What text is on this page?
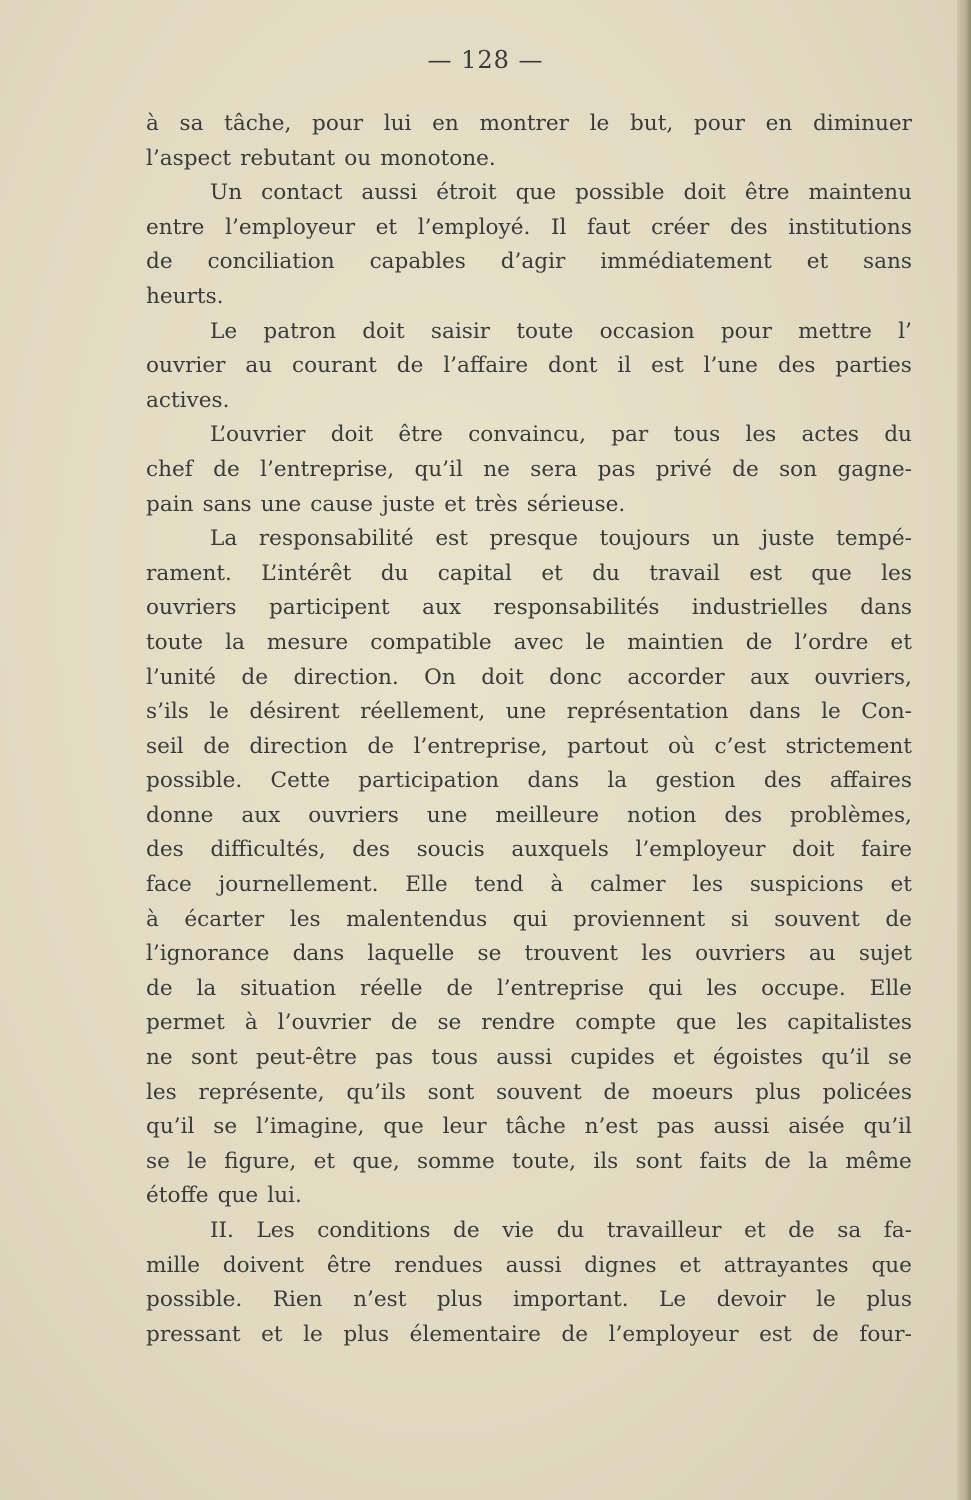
— 128 —
à sa tâche, pour lui en montrer le but, pour en diminuer
l’aspect rebutant ou monotone.
Un contact aussi étroit que possible doit être maintenu
entre l’employeur et l’employé. Il faut créer des institutions
de conciliation capables d’agir immédiatement et sans
heurts.
Le patron doit saisir toute occasion pour mettre l’
ouvrier au courant de l’affaire dont il est l’une des parties
actives.
L’ouvrier doit être convaincu, par tous les actes du
chef de l’entreprise, qu’il ne sera pas privé de son gagne-
pain sans une cause juste et très sérieuse.
La responsabilité est presque toujours un juste tempé-
rament. L’intérêt du capital et du travail est que les
ouvriers participent aux responsabilités industrielles dans
toute la mesure compatible avec le maintien de l’ordre et
l’unité de direction. On doit donc accorder aux ouvriers,
s’ils le désirent réellement, une représentation dans le Con-
seil de direction de l’entreprise, partout où c’est strictement
possible. Cette participation dans la gestion des affaires
donne aux ouvriers une meilleure notion des problèmes,
des difficultés, des soucis auxquels l’employeur doit faire
face journellement. Elle tend à calmer les suspicions et
à écarter les malentendus qui proviennent si souvent de
l’ignorance dans laquelle se trouvent les ouvriers au sujet
de la situation réelle de l’entreprise qui les occupe. Elle
permet à l’ouvrier de se rendre compte que les capitalistes
ne sont peut-être pas tous aussi cupides et égoistes qu’il se
les représente, qu’ils sont souvent de moeurs plus policées
qu’il se l’imagine, que leur tâche n’est pas aussi aisée qu’il
se le figure, et que, somme toute, ils sont faits de la même
étoffe que lui.
II. Les conditions de vie du travailleur et de sa fa-
mille doivent être rendues aussi dignes et attrayantes que
possible. Rien n’est plus important. Le devoir le plus
pressant et le plus élementaire de l’employeur est de four-
